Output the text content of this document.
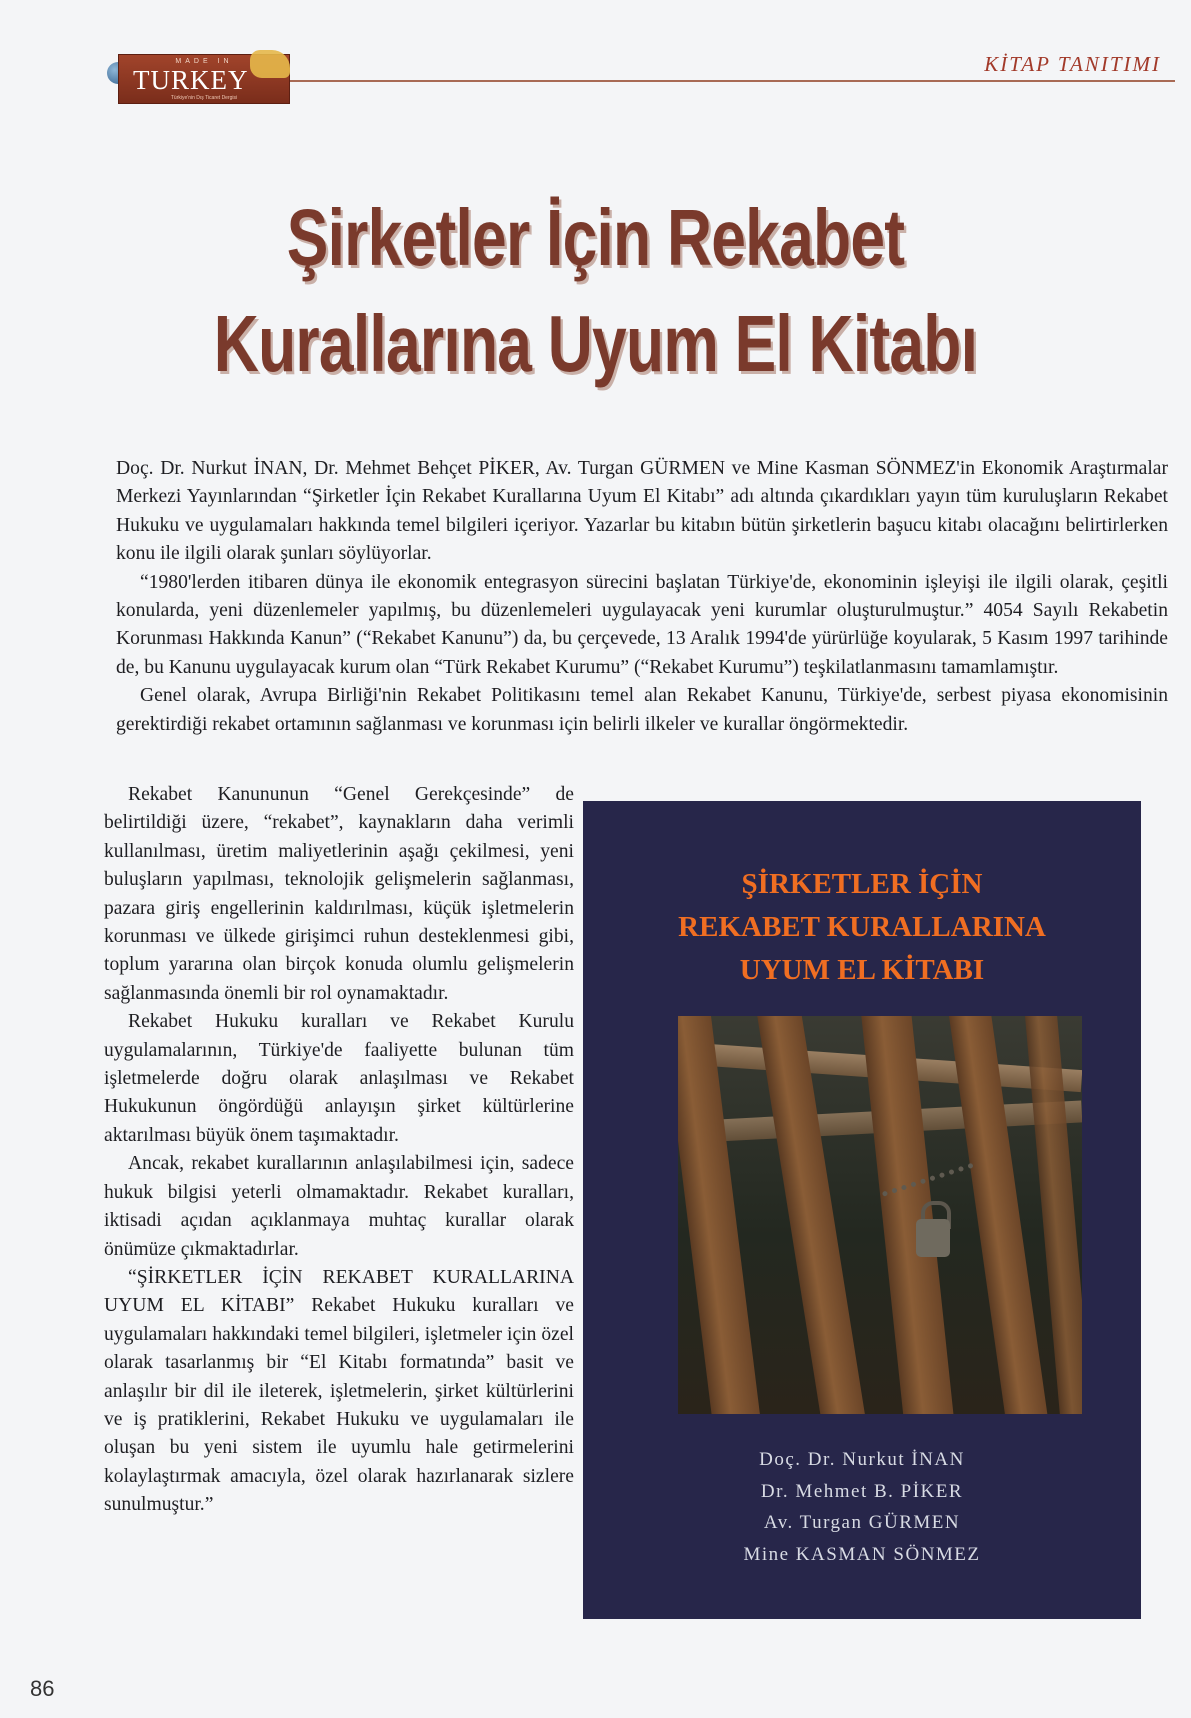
MADE IN
TURKEY
Türkiye'nin Dış Ticaret Dergisi
KİTAP TANITIMI
Şirketler İçin Rekabet
Kurallarına Uyum El Kitabı

Doç. Dr. Nurkut İNAN, Dr. Mehmet Behçet PİKER, Av. Turgan GÜRMEN ve Mine Kasman SÖNMEZ'in Ekonomik Araştırmalar Merkezi Yayınlarından “Şirketler İçin Rekabet Kurallarına Uyum El Kitabı” adı altında çıkardıkları yayın tüm kuruluşların Rekabet Hukuku ve uygulamaları hakkında temel bilgileri içeriyor. Yazarlar bu kitabın bütün şirketlerin başucu kitabı olacağını belirtirlerken konu ile ilgili olarak şunları söylüyorlar.

“1980'lerden itibaren dünya ile ekonomik entegrasyon sürecini başlatan Türkiye'de, ekonominin işleyişi ile ilgili olarak, çeşitli konularda, yeni düzenlemeler yapılmış, bu düzenlemeleri uygulayacak yeni kurumlar oluşturulmuştur.” 4054 Sayılı Rekabetin Korunması Hakkında Kanun” (“Rekabet Kanunu”) da, bu çerçevede, 13 Aralık 1994'de yürürlüğe koyularak, 5 Kasım 1997 tarihinde de, bu Kanunu uygulayacak kurum olan “Türk Rekabet Kurumu” (“Rekabet Kurumu”) teşkilatlanmasını tamamlamıştır.

Genel olarak, Avrupa Birliği'nin Rekabet Politikasını temel alan Rekabet Kanunu, Türkiye'de, serbest piyasa ekonomisinin gerektirdiği rekabet ortamının sağlanması ve korunması için belirli ilkeler ve kurallar öngörmektedir.

Rekabet Kanununun “Genel Gerekçesinde” de belirtildiği üzere, “rekabet”, kaynakların daha verimli kullanılması, üretim maliyetlerinin aşağı çekilmesi, yeni buluşların yapılması, teknolojik gelişmelerin sağlanması, pazara giriş engellerinin kaldırılması, küçük işletmelerin korunması ve ülkede girişimci ruhun desteklenmesi gibi, toplum yararına olan birçok konuda olumlu gelişmelerin sağlanmasında önemli bir rol oynamaktadır.

Rekabet Hukuku kuralları ve Rekabet Kurulu uygulamalarının, Türkiye'de faaliyette bulunan tüm işletmelerde doğru olarak anlaşılması ve Rekabet Hukukunun öngördüğü anlayışın şirket kültürlerine aktarılması büyük önem taşımaktadır.

Ancak, rekabet kurallarının anlaşılabilmesi için, sadece hukuk bilgisi yeterli olmamaktadır. Rekabet kuralları, iktisadi açıdan açıklanmaya muhtaç kurallar olarak önümüze çıkmaktadırlar.

“ŞİRKETLER İÇİN REKABET KURALLARINA UYUM EL KİTABI” Rekabet Hukuku kuralları ve uygulamaları hakkındaki temel bilgileri, işletmeler için özel olarak tasarlanmış bir “El Kitabı formatında” basit ve anlaşılır bir dil ile ileterek, işletmelerin, şirket kültürlerini ve iş pratiklerini, Rekabet Hukuku ve uygulamaları ile oluşan bu yeni sistem ile uyumlu hale getirmelerini kolaylaştırmak amacıyla, özel olarak hazırlanarak sizlere sunulmuştur.”

ŞİRKETLER İÇİN
REKABET KURALLARINA
UYUM EL KİTABI
Doç. Dr. Nurkut İNAN
Dr. Mehmet B. PİKER
Av. Turgan GÜRMEN
Mine KASMAN SÖNMEZ
86
